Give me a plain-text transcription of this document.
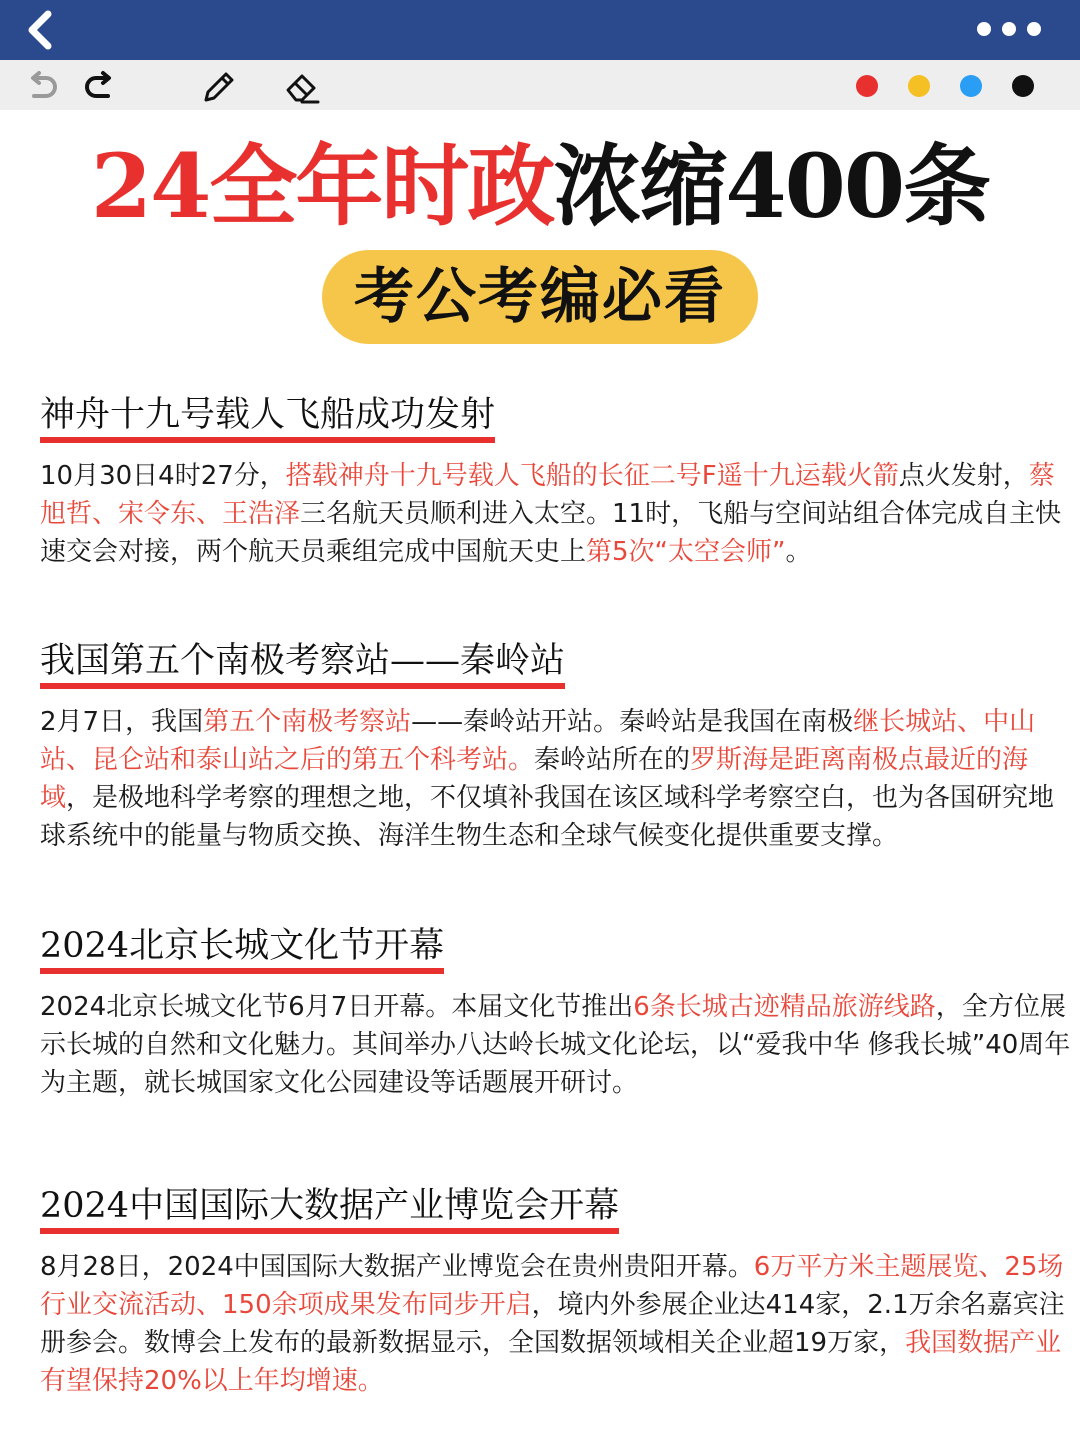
24全年时政浓缩400条
考公考编必看
神舟十九号载人飞船成功发射
10月30日4时27分，搭载神舟十九号载人飞船的长征二号F遥十九运载火箭点火发射，蔡旭哲、宋令东、王浩泽三名航天员顺利进入太空。11时，飞船与空间站组合体完成自主快速交会对接，两个航天员乘组完成中国航天史上第5次“太空会师”。
我国第五个南极考察站——秦岭站
2月7日，我国第五个南极考察站——秦岭站开站。秦岭站是我国在南极继长城站、中山站、昆仑站和泰山站之后的第五个科考站。秦岭站所在的罗斯海是距离南极点最近的海域，是极地科学考察的理想之地，不仅填补我国在该区域科学考察空白，也为各国研究地球系统中的能量与物质交换、海洋生物生态和全球气候变化提供重要支撑。
2024北京长城文化节开幕
2024北京长城文化节6月7日开幕。本届文化节推出6条长城古迹精品旅游线路，全方位展示长城的自然和文化魅力。其间举办八达岭长城文化论坛，以“爱我中华 修我长城”40周年为主题，就长城国家文化公园建设等话题展开研讨。
2024中国国际大数据产业博览会开幕
8月28日，2024中国国际大数据产业博览会在贵州贵阳开幕。6万平方米主题展览、25场行业交流活动、150余项成果发布同步开启，境内外参展企业达414家，2.1万余名嘉宾注册参会。数博会上发布的最新数据显示，全国数据领域相关企业超19万家，我国数据产业有望保持20%以上年均增速。
